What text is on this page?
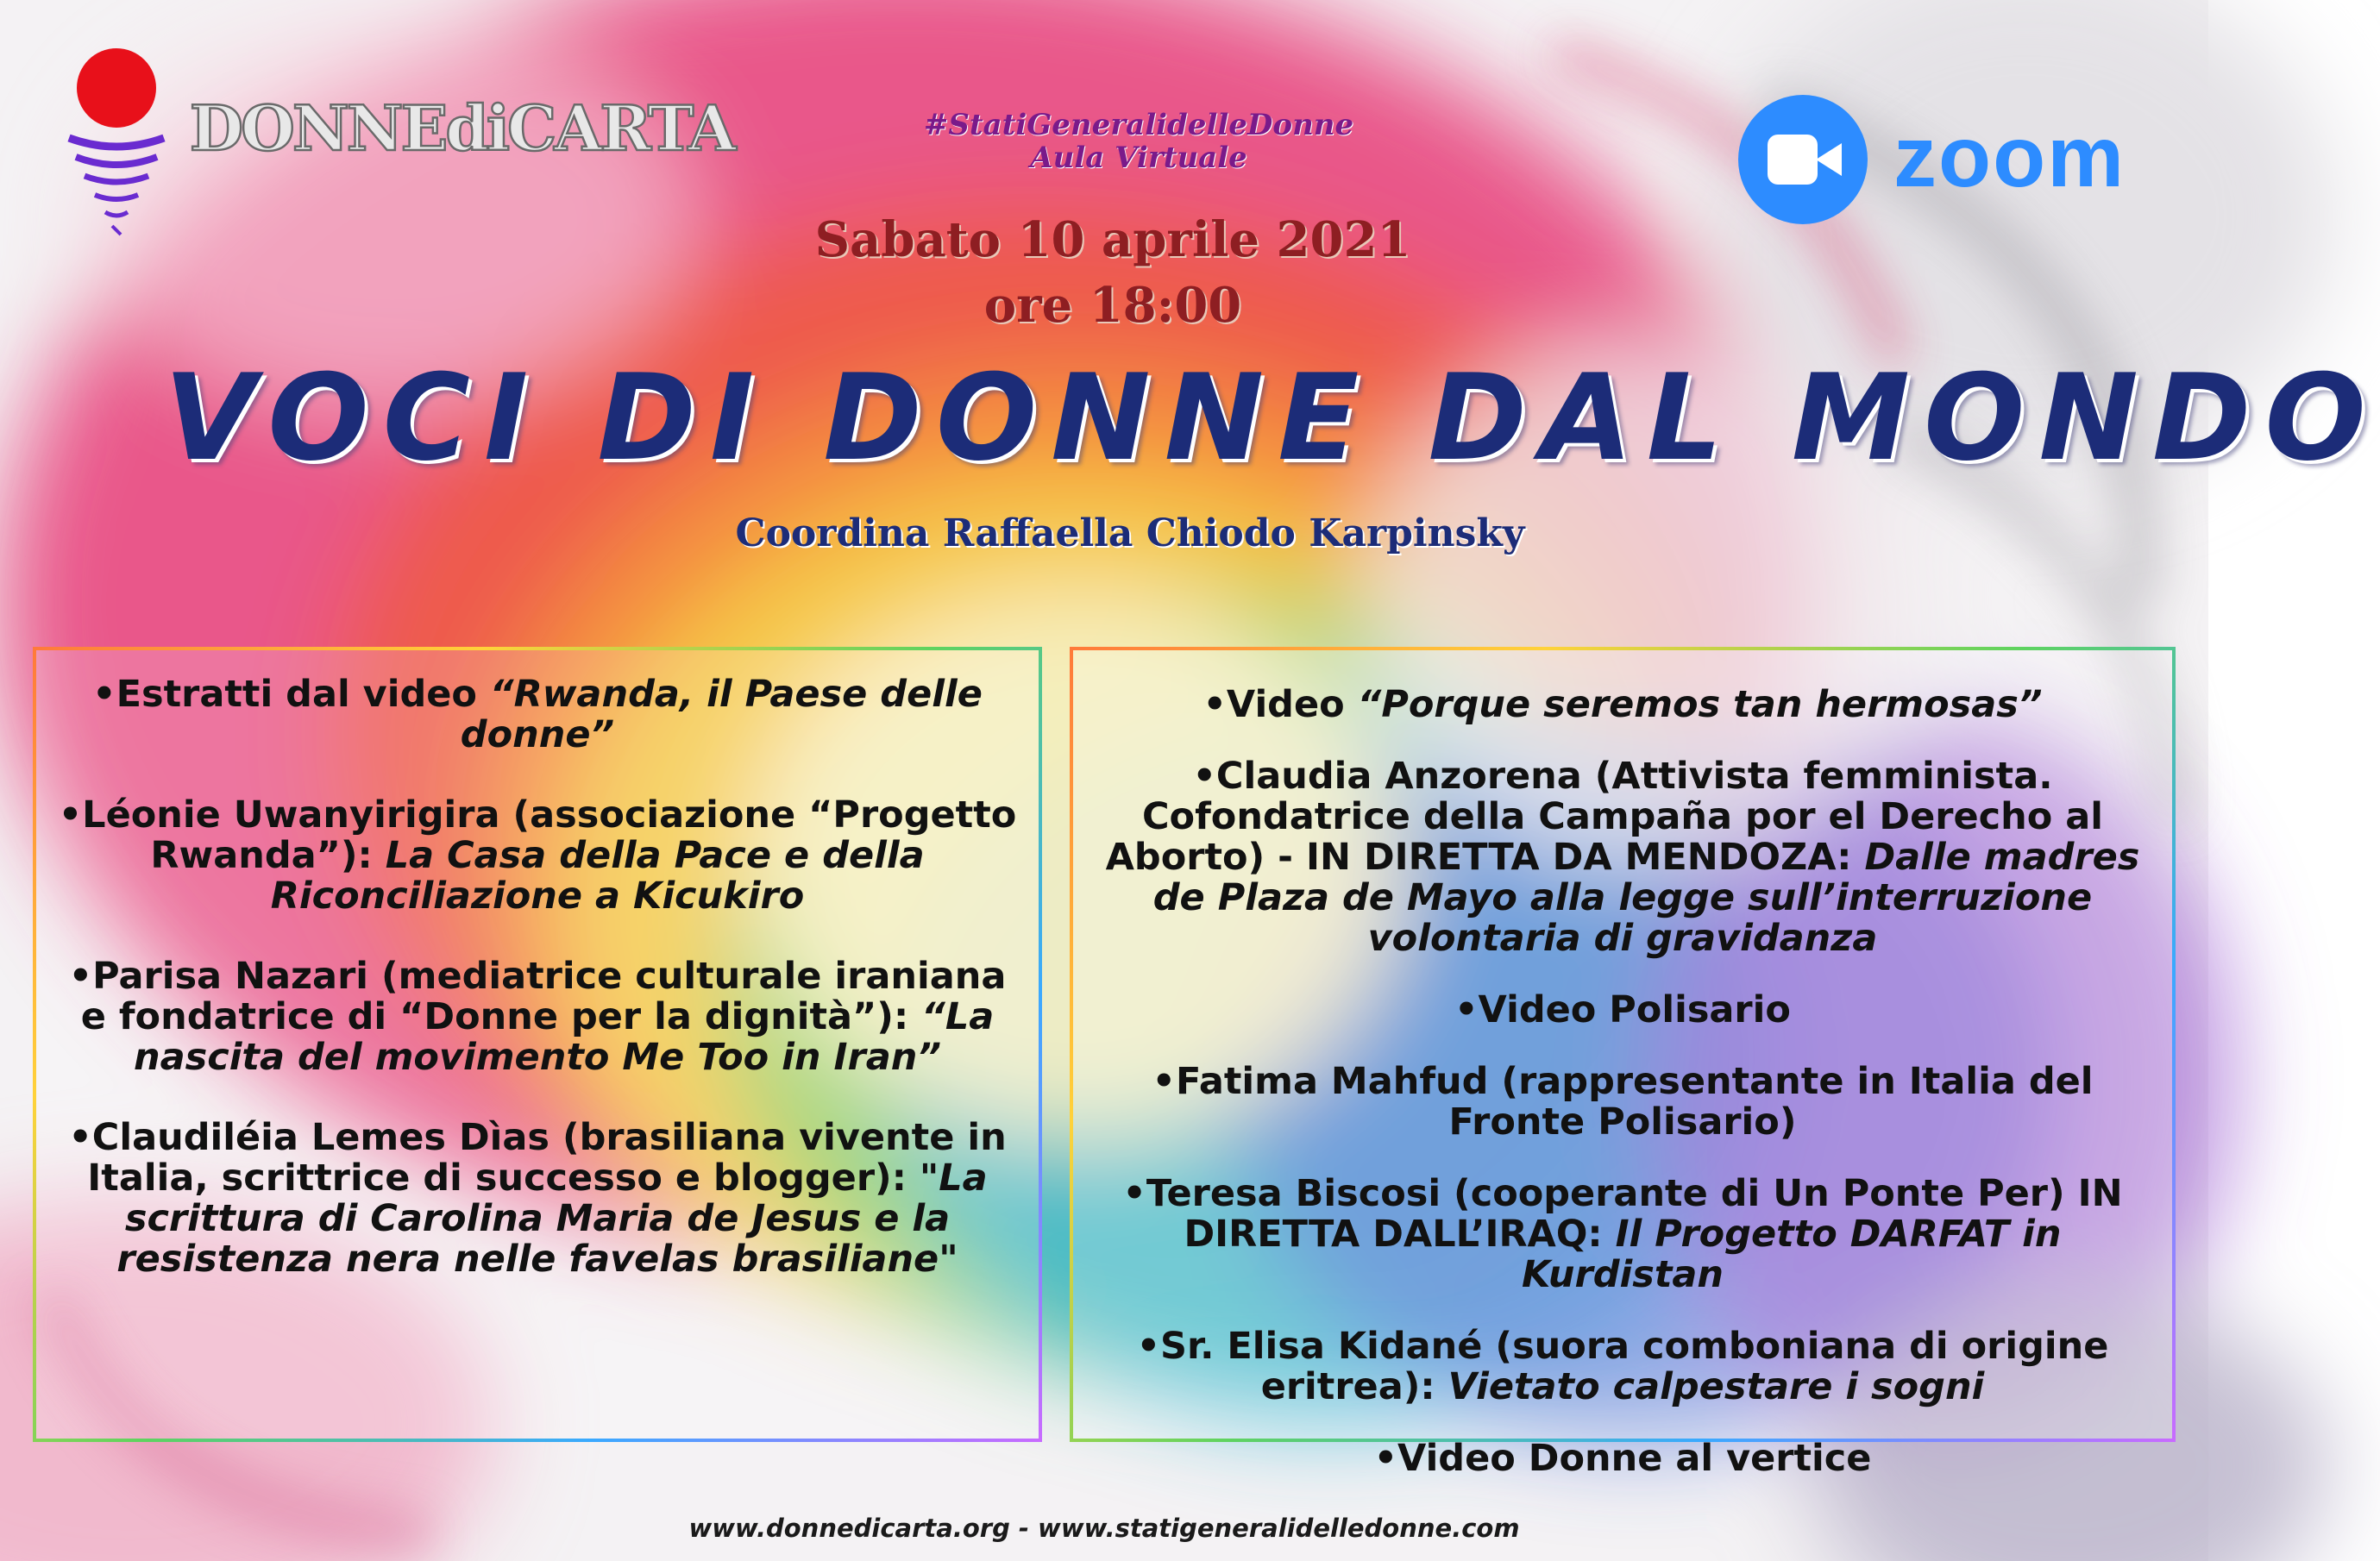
DONNEdiCARTA	#StatiGeneralidelleDonne
Aula Virtuale	zoom
Sabato 10 aprile 2021
ore 18:00
VOCI DI DONNE DAL MONDO
Coordina Raffaella Chiodo Karpinsky
•Estratti dal video “Rwanda, il Paese delle donne”
•Léonie Uwanyirigira (associazione “Progetto Rwanda”): La Casa della Pace e della Riconciliazione a Kicukiro
•Parisa Nazari (mediatrice culturale iraniana e fondatrice di “Donne per la dignità”): “La nascita del movimento Me Too in Iran”
•Claudiléia Lemes Dìas (brasiliana vivente in Italia, scrittrice di successo e blogger): "La scrittura di Carolina Maria de Jesus e la resistenza nera nelle favelas brasiliane"
•Video “Porque seremos tan hermosas”
•Claudia Anzorena (Attivista femminista. Cofondatrice della Campaña por el Derecho al Aborto) - IN DIRETTA DA MENDOZA: Dalle madres de Plaza de Mayo alla legge sull’interruzione volontaria di gravidanza
•Video Polisario
•Fatima Mahfud (rappresentante in Italia del Fronte Polisario)
•Teresa Biscosi (cooperante di Un Ponte Per) IN DIRETTA DALL’IRAQ: Il Progetto DARFAT in Kurdistan
•Sr. Elisa Kidané (suora comboniana di origine eritrea): Vietato calpestare i sogni
•Video Donne al vertice
www.donnedicarta.org - www.statigeneralidelledonne.com
